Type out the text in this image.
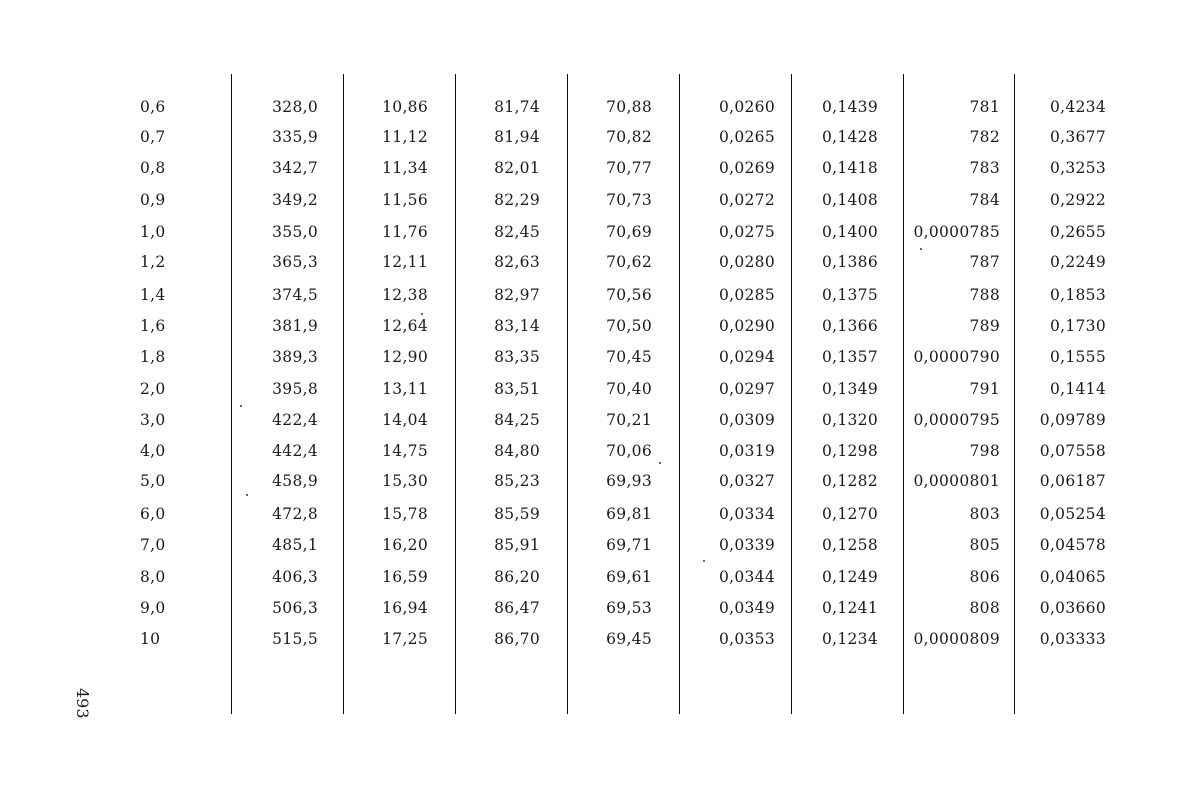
0,6	328,0	10,86	81,74	70,88	0,0260	0,1439	781	0,4234
0,7	335,9	11,12	81,94	70,82	0,0265	0,1428	782	0,3677
0,8	342,7	11,34	82,01	70,77	0,0269	0,1418	783	0,3253
0,9	349,2	11,56	82,29	70,73	0,0272	0,1408	784	0,2922
1,0	355,0	11,76	82,45	70,69	0,0275	0,1400	0,0000785	0,2655
1,2	365,3	12,11	82,63	70,62	0,0280	0,1386	787	0,2249
1,4	374,5	12,38	82,97	70,56	0,0285	0,1375	788	0,1853
1,6	381,9	12,64	83,14	70,50	0,0290	0,1366	789	0,1730
1,8	389,3	12,90	83,35	70,45	0,0294	0,1357	0,0000790	0,1555
2,0	395,8	13,11	83,51	70,40	0,0297	0,1349	791	0,1414
3,0	422,4	14,04	84,25	70,21	0,0309	0,1320	0,0000795	0,09789
4,0	442,4	14,75	84,80	70,06	0,0319	0,1298	798	0,07558
5,0	458,9	15,30	85,23	69,93	0,0327	0,1282	0,0000801	0,06187
6,0	472,8	15,78	85,59	69,81	0,0334	0,1270	803	0,05254
7,0	485,1	16,20	85,91	69,71	0,0339	0,1258	805	0,04578
8,0	406,3	16,59	86,20	69,61	0,0344	0,1249	806	0,04065
9,0	506,3	16,94	86,47	69,53	0,0349	0,1241	808	0,03660
10	515,5	17,25	86,70	69,45	0,0353	0,1234	0,0000809	0,03333
493
